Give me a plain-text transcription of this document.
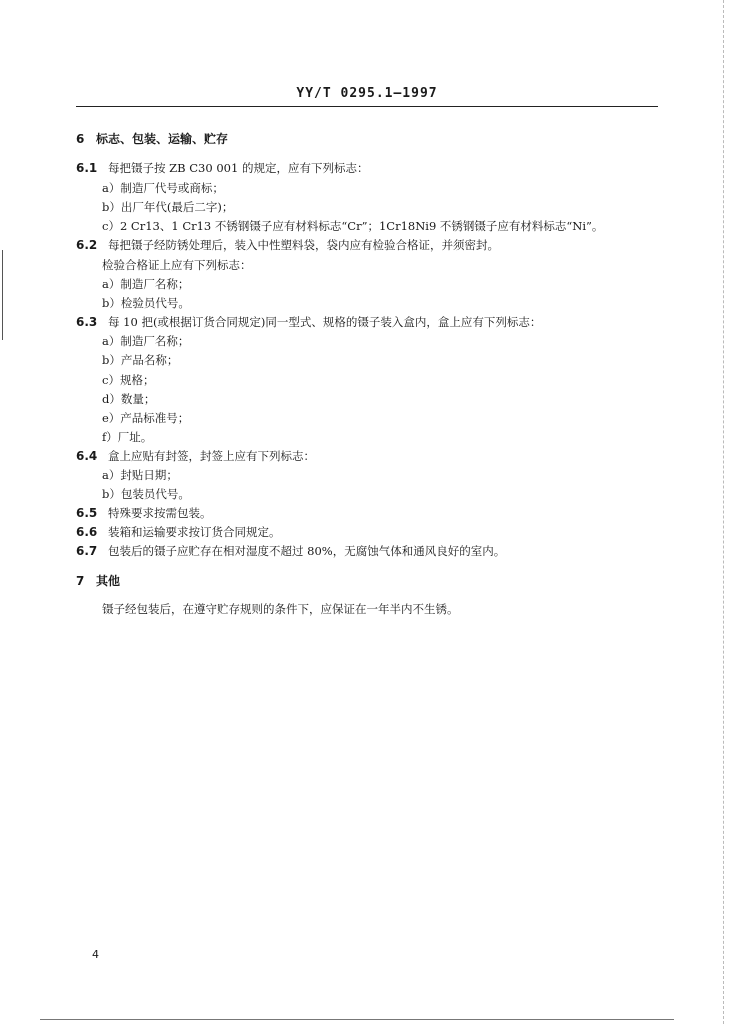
YY/T 0295.1—1997
6 标志、包装、运输、贮存
6.1 每把镊子按 ZB C30 001 的规定，应有下列标志：
a）制造厂代号或商标；
b）出厂年代(最后二字)；
c）2 Cr13、1 Cr13 不锈钢镊子应有材料标志“Cr”；1Cr18Ni9 不锈钢镊子应有材料标志“Ni”。
6.2 每把镊子经防锈处理后，装入中性塑料袋，袋内应有检验合格证，并须密封。
检验合格证上应有下列标志：
a）制造厂名称；
b）检验员代号。
6.3 每 10 把(或根据订货合同规定)同一型式、规格的镊子装入盒内，盒上应有下列标志：
a）制造厂名称；
b）产品名称；
c）规格；
d）数量；
e）产品标准号；
f）厂址。
6.4 盒上应贴有封签，封签上应有下列标志：
a）封贴日期；
b）包装员代号。
6.5 特殊要求按需包装。
6.6 装箱和运输要求按订货合同规定。
6.7 包装后的镊子应贮存在相对湿度不超过 80%，无腐蚀气体和通风良好的室内。
7 其他
镊子经包装后，在遵守贮存规则的条件下，应保证在一年半内不生锈。
4
